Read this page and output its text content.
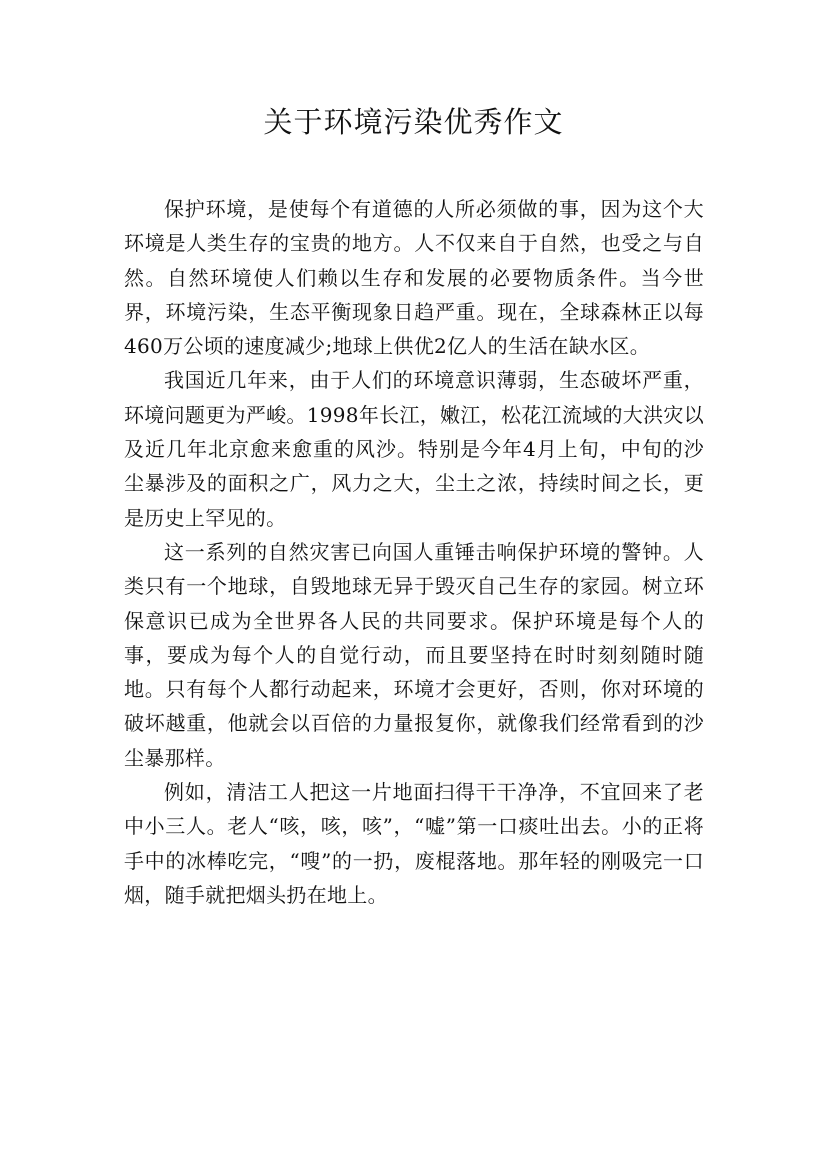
关于环境污染优秀作文

保护环境，是使每个有道德的人所必须做的事，因为这个大环境是人类生存的宝贵的地方。人不仅来自于自然，也受之与自然。自然环境使人们赖以生存和发展的必要物质条件。当今世界，环境污染，生态平衡现象日趋严重。现在，全球森林正以每460万公顷的速度减少;地球上供优2亿人的生活在缺水区。

我国近几年来，由于人们的环境意识薄弱，生态破坏严重，环境问题更为严峻。1998年长江，嫩江，松花江流域的大洪灾以及近几年北京愈来愈重的风沙。特别是今年4月上旬，中旬的沙尘暴涉及的面积之广，风力之大，尘土之浓，持续时间之长，更是历史上罕见的。

这一系列的自然灾害已向国人重锤击响保护环境的警钟。人类只有一个地球，自毁地球无异于毁灭自己生存的家园。树立环保意识已成为全世界各人民的共同要求。保护环境是每个人的事，要成为每个人的自觉行动，而且要坚持在时时刻刻随时随地。只有每个人都行动起来，环境才会更好，否则，你对环境的破坏越重，他就会以百倍的力量报复你，就像我们经常看到的沙尘暴那样。

例如，清洁工人把这一片地面扫得干干净净，不宜回来了老中小三人。老人“咳，咳，咳”，“嘘”第一口痰吐出去。小的正将手中的冰棒吃完，“嗖”的一扔，废棍落地。那年轻的刚吸完一口烟，随手就把烟头扔在地上。
